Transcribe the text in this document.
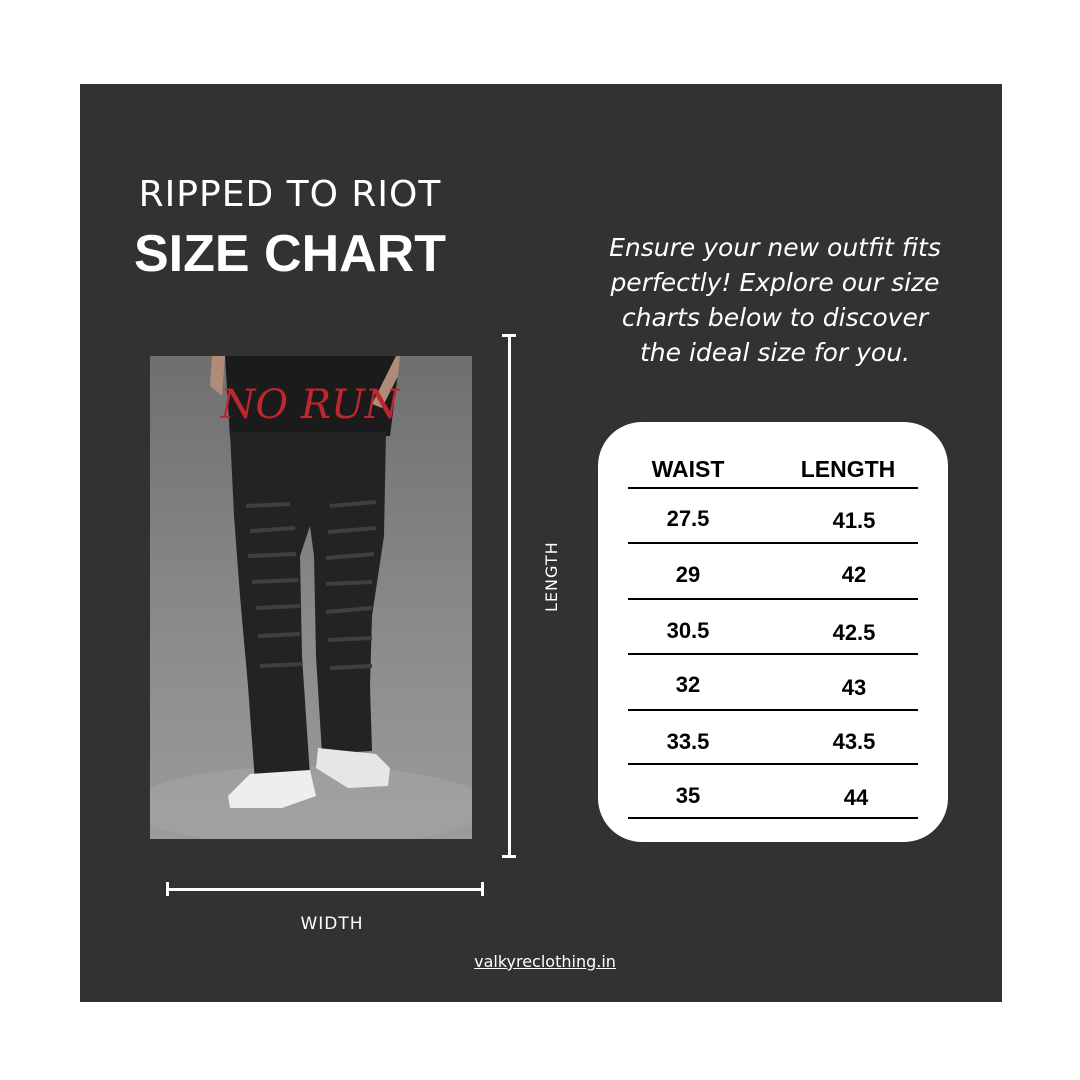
RIPPED TO RIOT
SIZE CHART	Ensure your new outfit fits
perfectly! Explore our size
charts below to discover
the ideal size for you.
NO RUN
LENGTH
WIDTH
WAIST	LENGTH
27.5	41.5
29	42
30.5	42.5
32	43
33.5	43.5
35	44
valkyreclothing.in
